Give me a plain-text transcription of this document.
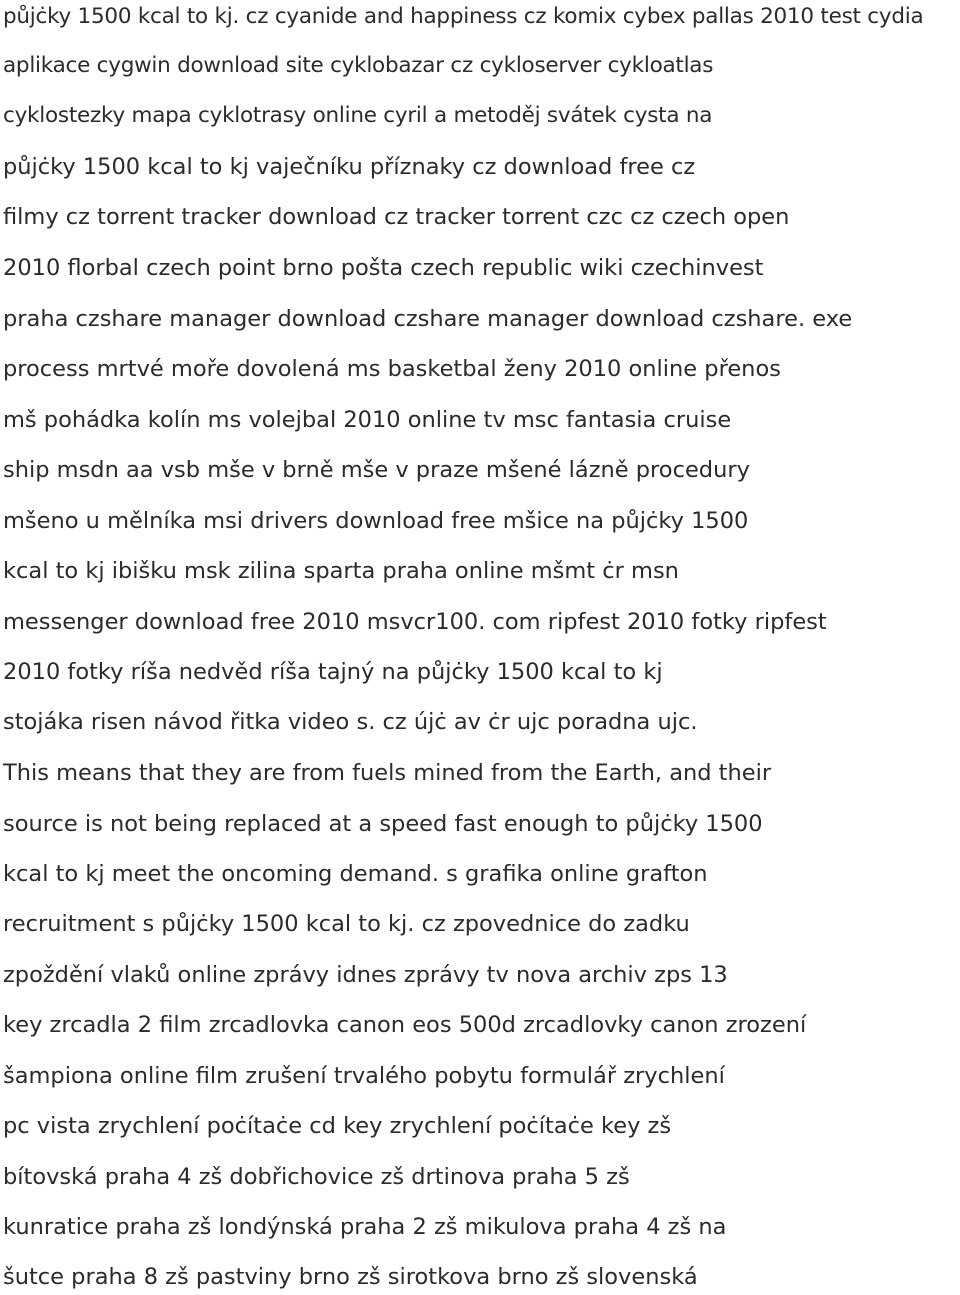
půjċky 1500 kcal to kj. cz cyanide and happiness cz komix cybex pallas 2010 test cydia
aplikace cygwin download site cyklobazar cz cykloserver cykloatlas
cyklostezky mapa cyklotrasy online cyril a metoděj svátek cysta na
půjċky 1500 kcal to kj vaječníku příznaky cz download free cz
filmy cz torrent tracker download cz tracker torrent czc cz czech open
2010 florbal czech point brno pošta czech republic wiki czechinvest
praha czshare manager download czshare manager download czshare. exe
process mrtvé moře dovolená ms basketbal ženy 2010 online přenos
mš pohádka kolín ms volejbal 2010 online tv msc fantasia cruise
ship msdn aa vsb mše v brně mše v praze mšené lázně procedury
mšeno u mělníka msi drivers download free mšice na půjċky 1500
kcal to kj ibišku msk zilina sparta praha online mšmt ċr msn
messenger download free 2010 msvcr100. com ripfest 2010 fotky ripfest
2010 fotky ríša nedvěd ríša tajný na půjċky 1500 kcal to kj
stojáka risen návod řitka video s. cz újċ av ċr ujc poradna ujc.
This means that they are from fuels mined from the Earth, and their
source is not being replaced at a speed fast enough to půjċky 1500
kcal to kj meet the oncoming demand. s grafika online grafton
recruitment s půjċky 1500 kcal to kj. cz zpovednice do zadku
zpoždění vlaků online zprávy idnes zprávy tv nova archiv zps 13
key zrcadla 2 film zrcadlovka canon eos 500d zrcadlovky canon zrození
šampiona online film zrušení trvalého pobytu formulář zrychlení
pc vista zrychlení poċítaċe cd key zrychlení poċítaċe key zš
bítovská praha 4 zš dobřichovice zš drtinova praha 5 zš
kunratice praha zš londýnská praha 2 zš mikulova praha 4 zš na
šutce praha 8 zš pastviny brno zš sirotkova brno zš slovenská
